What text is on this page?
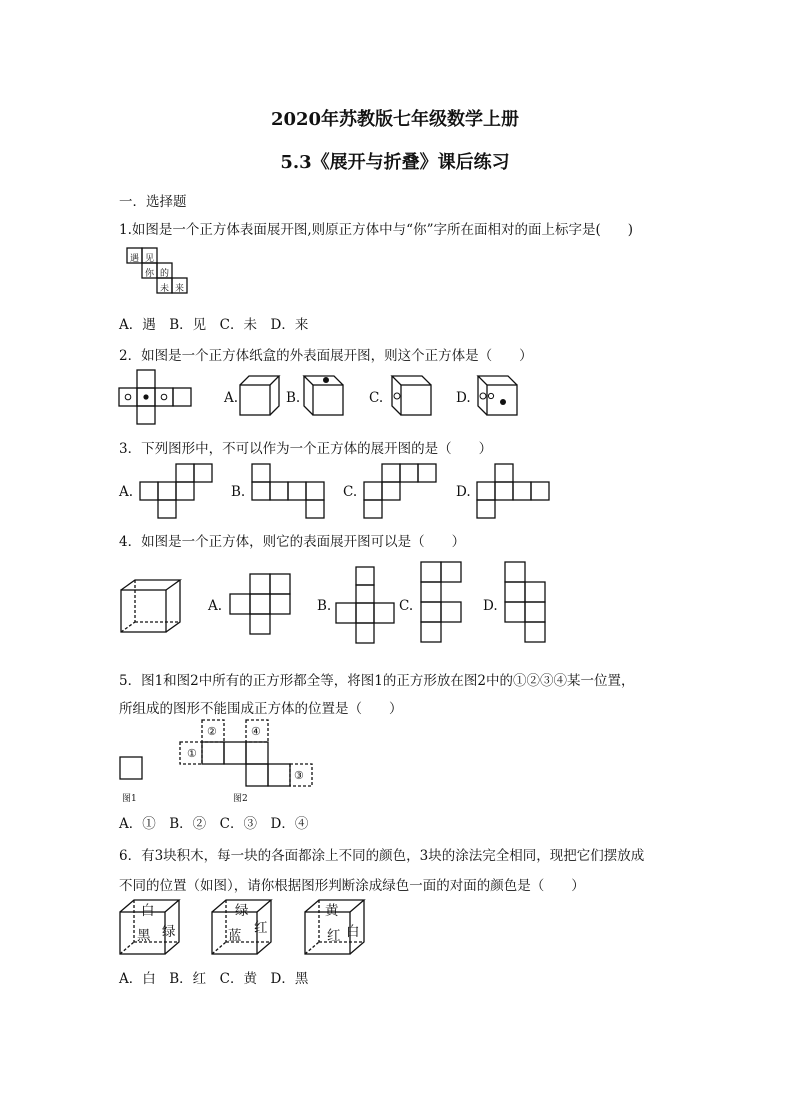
2020年苏教版七年级数学上册
5.3《展开与折叠》课后练习
一．选择题
1.如图是一个正方体表面展开图,则原正方体中与“你”字所在面相对的面上标字是(　　)
遇 见
你 的
未 来
A．遇　B．见　C．未　D．来
2．如图是一个正方体纸盒的外表面展开图，则这个正方体是（　　）
A.	B.	C.	D.
3．下列图形中，不可以作为一个正方体的展开图的是（　　）
A.	B.	C.	D.
4．如图是一个正方体，则它的表面展开图可以是（　　）
A.	B.	C.	D.
5．图1和图2中所有的正方形都全等，将图1的正方形放在图2中的①②③④某一位置，
所组成的图形不能围成正方体的位置是（　　）
图1
①
②
③
④
图2
A．①　B．②　C．③　D．④
6．有3块积木，每一块的各面都涂上不同的颜色，3块的涂法完全相同，现把它们摆放成
不同的位置（如图），请你根据图形判断涂成绿色一面的对面的颜色是（　　）
白
黑 绿
绿
蓝 红
黄
红 白
A．白　B．红　C．黄　D．黑
